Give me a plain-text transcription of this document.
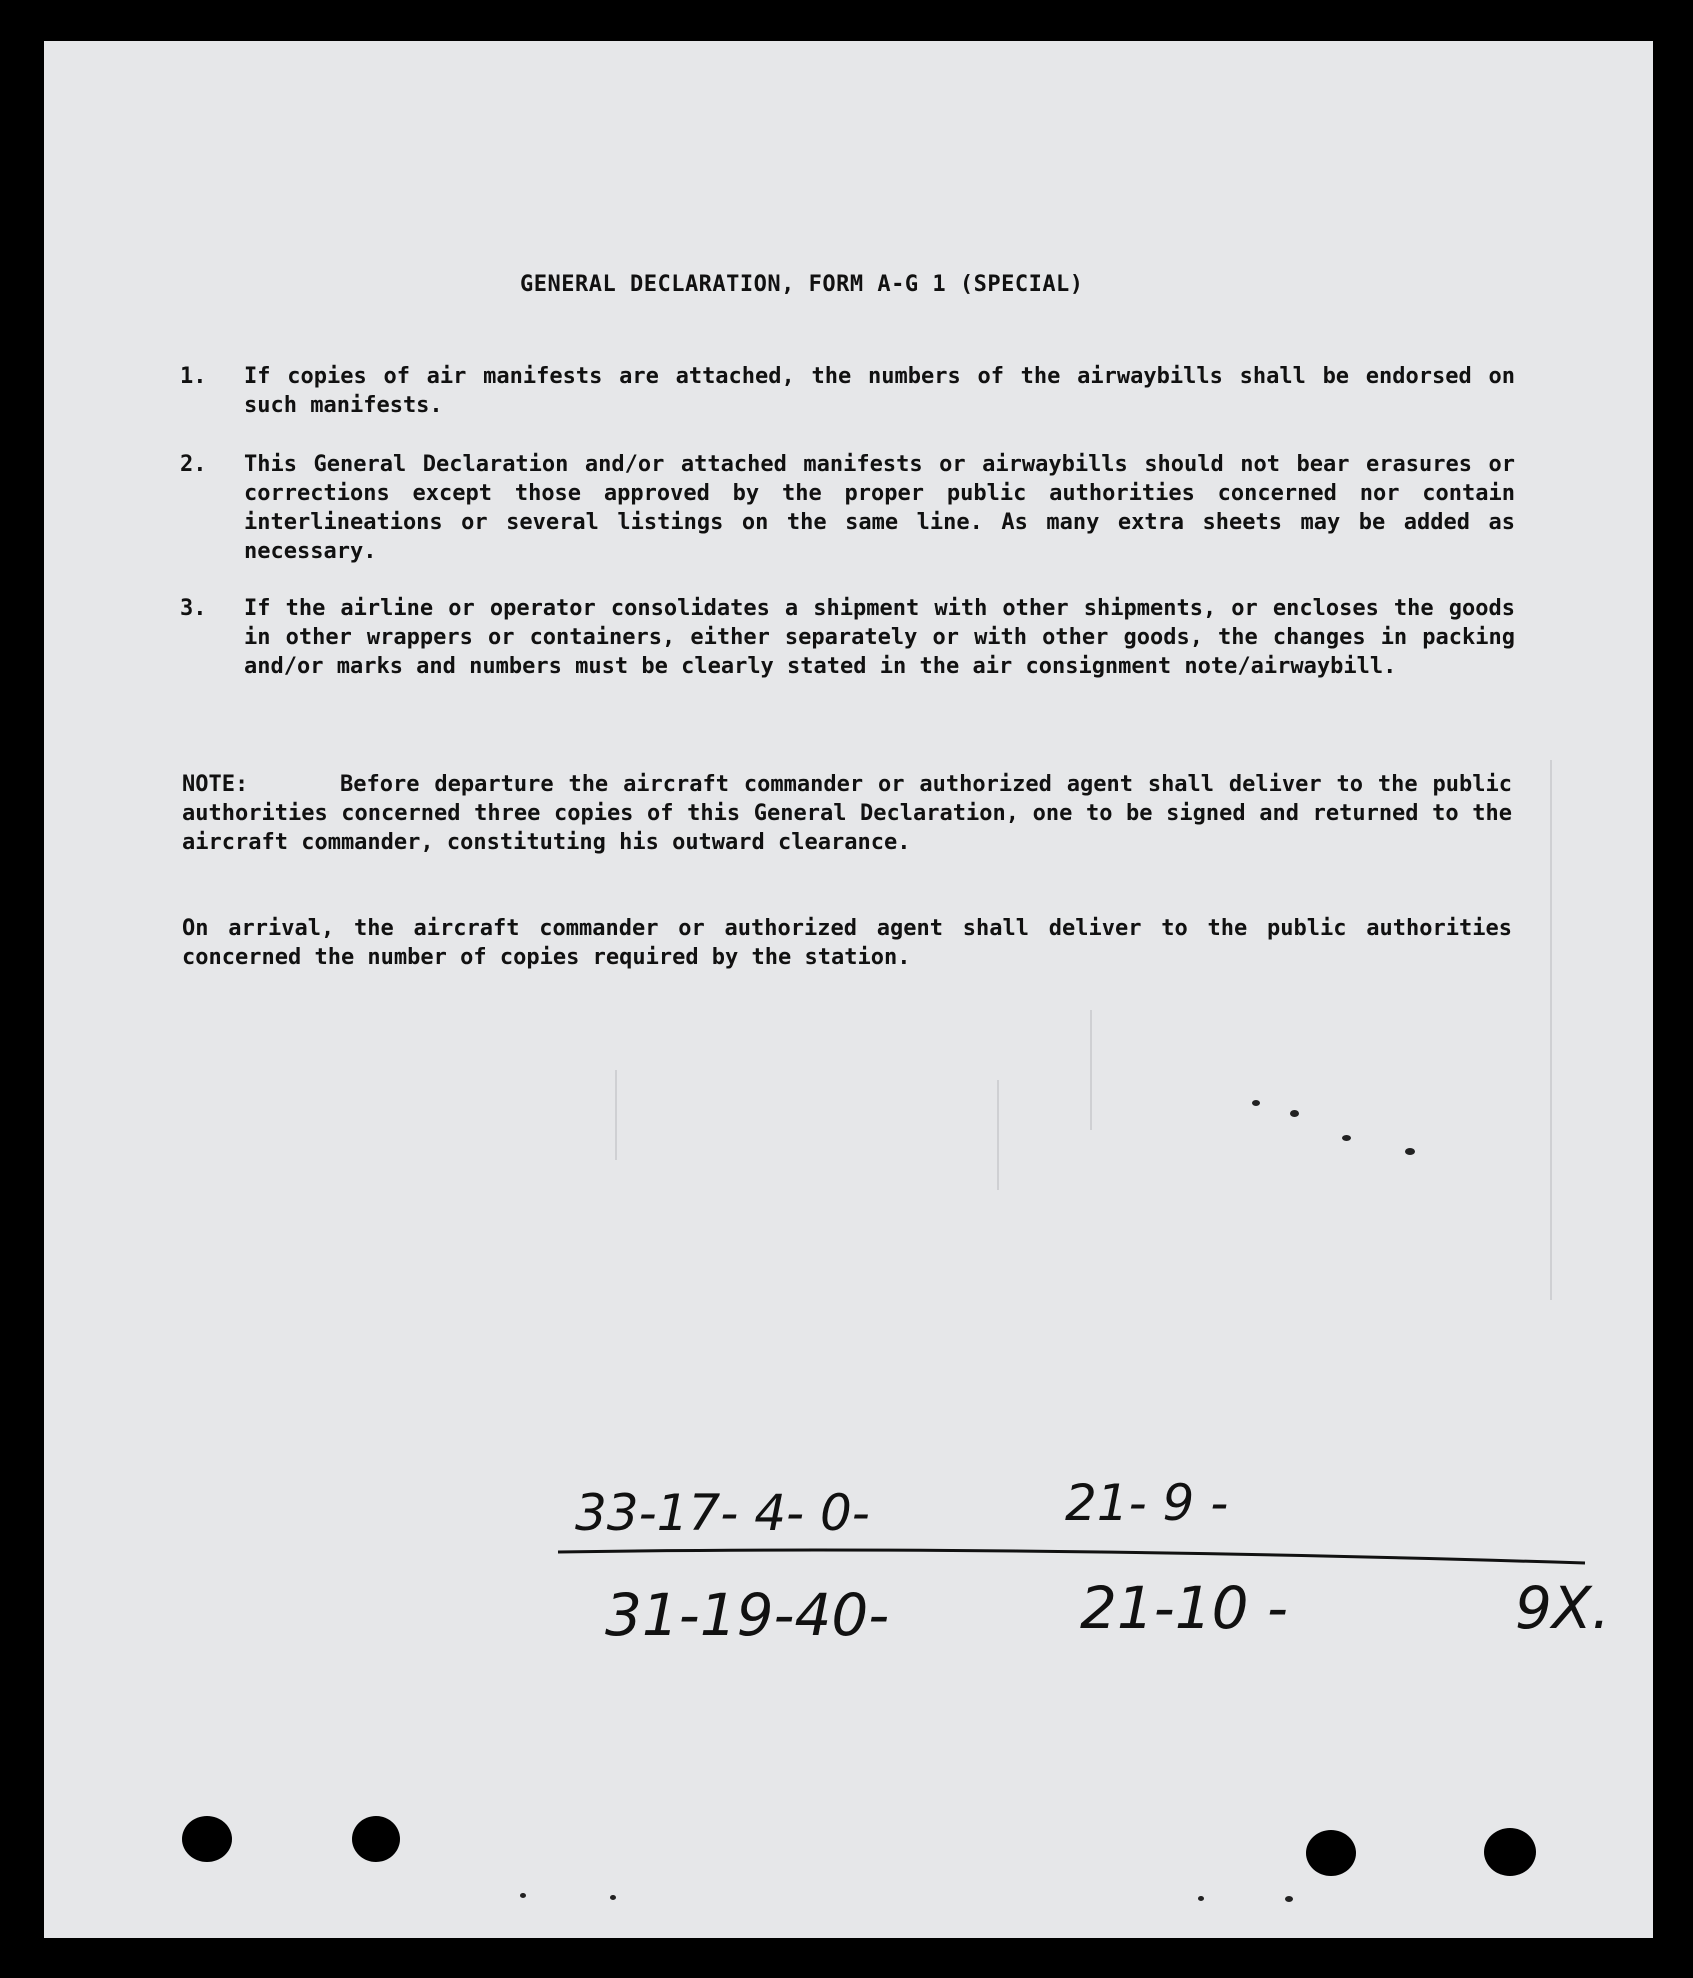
GENERAL DECLARATION, FORM A-G 1 (SPECIAL)
1. If copies of air manifests are attached, the numbers of the airwaybills shall be endorsed on such manifests.
2. This General Declaration and/or attached manifests or airwaybills should not bear erasures or corrections except those approved by the proper public authorities concerned nor contain interlineations or several listings on the same line. As many extra sheets may be added as necessary.
3. If the airline or operator consolidates a shipment with other shipments, or encloses the goods in other wrappers or containers, either separately or with other goods, the changes in packing and/or marks and numbers must be clearly stated in the air consignment note/airwaybill.
NOTE:	Before departure the aircraft commander or authorized agent shall deliver to the public authorities concerned three copies of this General Declaration, one to be signed and returned to the aircraft commander, constituting his outward clearance.
On arrival, the aircraft commander or authorized agent shall deliver to the public authorities concerned the number of copies required by the station.
33-17- 4- 0-	21- 9 -
31-19-40-	21-10 -	9X.
